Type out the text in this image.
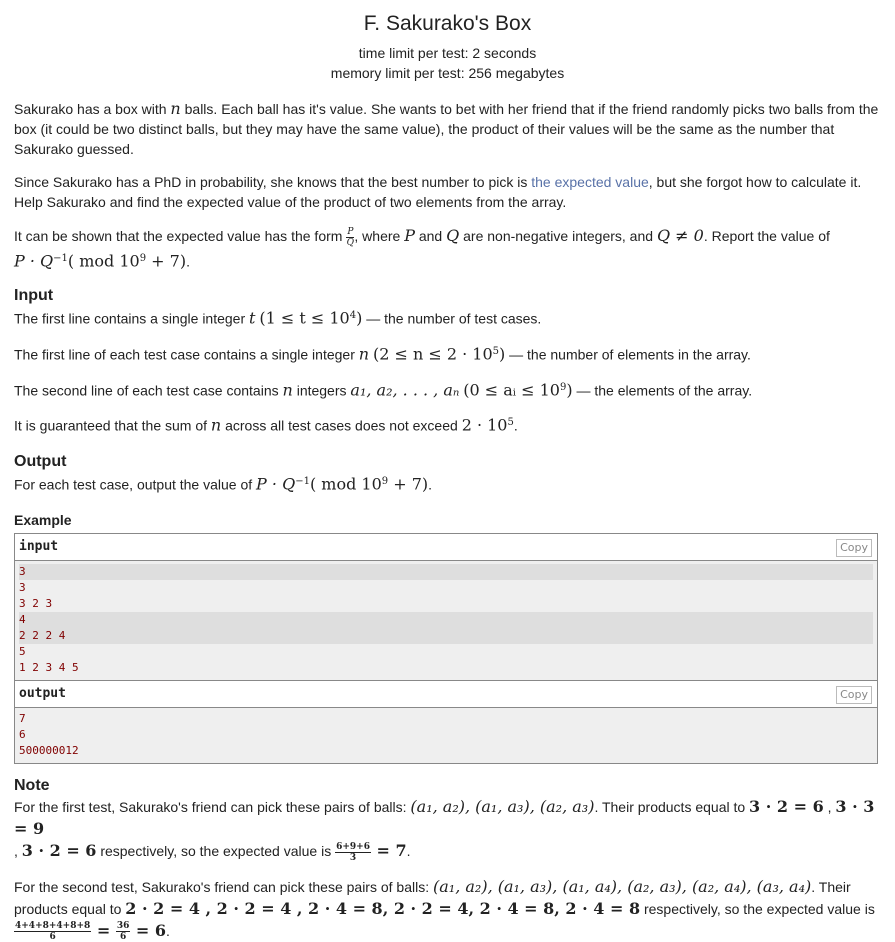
F. Sakurako's Box
time limit per test: 2 seconds
memory limit per test: 256 megabytes

Sakurako has a box with n balls. Each ball has it's value. She wants to bet with her friend that if the friend randomly picks two balls from the box (it could be two distinct balls, but they may have the same value), the product of their values will be the same as the number that Sakurako guessed.

Since Sakurako has a PhD in probability, she knows that the best number to pick is the expected value, but she forgot how to calculate it. Help Sakurako and find the expected value of the product of two elements from the array.

It can be shown that the expected value has the form $\frac{P}{Q}$ , where P and Q are non-negative integers, and Q ≠ 0. Report the value of
$P \cdot Q^{-1}$( mod $10^9 + 7$).

Input

The first line contains a single integer t $(1 \le t \le 10^4)$ — the number of test cases.

The first line of each test case contains a single integer n $(2 \le n \le 2 \cdot 10^5)$ — the number of elements in the array.

The second line of each test case contains n integers a₁, a₂, . . . , aₙ (0 ≤ aᵢ ≤ $10^9$) — the elements of the array.

It is guaranteed that the sum of n across all test cases does not exceed $2 \cdot 10^5$.

Output

For each test case, output the value of $P \cdot Q^{-1}$( mod $10^9 + 7$).

Example
input	Copy
3
3
3 2 3
4
2 2 2 4
5
1 2 3 4 5
output	Copy
7
6
500000012
Note

For the first test, Sakurako's friend can pick these pairs of balls: (a₁, a₂), (a₁, a₃), (a₂, a₃). Their products equal to 3 · 2 = 6 , 3 · 3 = 9
, 3 · 2 = 6 respectively, so the expected value is $\frac{6+9+6}{3} = 7$.

For the second test, Sakurako's friend can pick these pairs of balls: (a₁, a₂), (a₁, a₃), (a₁, a₄), (a₂, a₃), (a₂, a₄), (a₃, a₄). Their products equal to 2 · 2 = 4 , 2 · 2 = 4 , 2 · 4 = 8, 2 · 2 = 4, 2 · 4 = 8, 2 · 4 = 8 respectively, so the expected value is

$\frac{4+4+8+4+8+8}{6} = \frac{36}{6} = 6$.
